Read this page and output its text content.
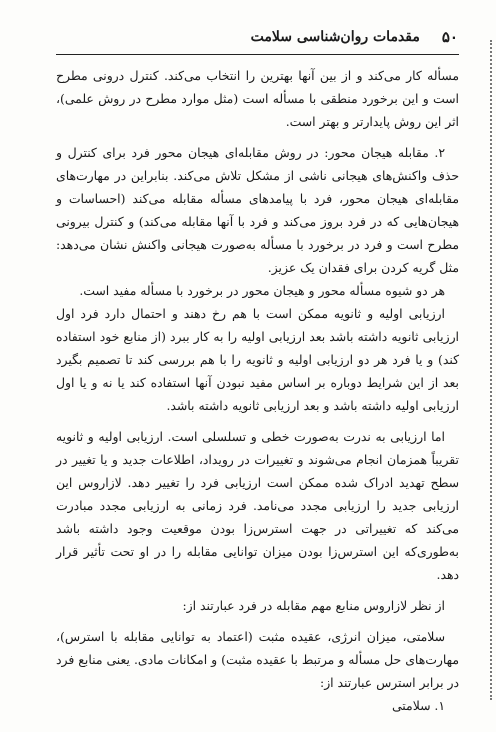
۵۰
مقدمات روان‌شناسی سلامت

مسأله کار می‌کند و از بین آنها بهترین را انتخاب می‌کند. کنترل درونی مطرح است و این برخورد منطقی با مسأله است (مثل موارد مطرح در روش علمی)، اثر این روش پایدارتر و بهتر است.

۲. مقابله هیجان محور: در روش مقابله‌ای هیجان محور فرد برای کنترل و حذف واکنش‌های هیجانی ناشی از مشکل تلاش می‌کند. بنابراین در مهارت‌های مقابله‌ای هیجان محور، فرد با پیامدهای مسأله مقابله می‌کند (احساسات و هیجان‌هایی که در فرد بروز می‌کند و فرد با آنها مقابله می‌کند) و کنترل بیرونی مطرح است و فرد در برخورد با مسأله به‌صورت هیجانی واکنش نشان می‌دهد: مثل گریه کردن برای فقدان یک عزیز.

هر دو شیوه مسأله محور و هیجان محور در برخورد با مسأله مفید است.

ارزیابی اولیه و ثانویه ممکن است با هم رخ دهند و احتمال دارد فرد اول ارزیابی ثانویه داشته باشد بعد ارزیابی اولیه را به کار ببرد (از منابع خود استفاده کند) و یا فرد هر دو ارزیابی اولیه و ثانویه را با هم بررسی کند تا تصمیم بگیرد بعد از این شرایط دوباره بر اساس مفید نبودن آنها استفاده کند یا نه و یا اول ارزیابی اولیه داشته باشد و بعد ارزیابی ثانویه داشته باشد.

اما ارزیابی به ندرت به‌صورت خطی و تسلسلی است. ارزیابی اولیه و ثانویه تقریباً همزمان انجام می‌شوند و تغییرات در رویداد، اطلاعات جدید و یا تغییر در سطح تهدید ادراک شده ممکن است ارزیابی فرد را تغییر دهد. لازاروس این ارزیابی جدید را ارزیابی مجدد می‌نامد. فرد زمانی به ارزیابی مجدد مبادرت می‌کند که تغییراتی در جهت استرس‌زا بودن موقعیت وجود داشته باشد به‌طوری‌که این استرس‌زا بودن میزان توانایی مقابله را در او تحت تأثیر قرار دهد.

از نظر لازاروس منابع مهم مقابله در فرد عبارتند از:

سلامتی، میزان انرژی، عقیده مثبت (اعتماد به توانایی مقابله با استرس)، مهارت‌های حل مسأله و مرتبط با عقیده مثبت) و امکانات مادی. یعنی منابع فرد در برابر استرس عبارتند از:

۱. سلامتی
